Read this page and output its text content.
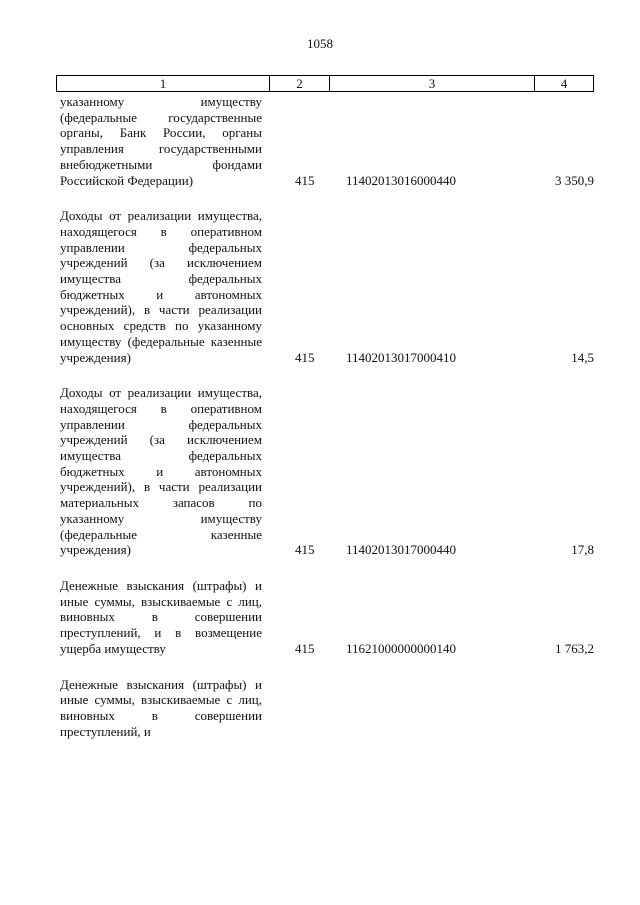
1058
1	2	3	4
указанному имуществу (федеральные государственные органы, Банк России, органы управления государственными внебюджетными фондами Российской Федерации)	415	11402013016000440	3 350,9
Доходы от реализации имущества, находящегося в оперативном управлении федеральных учреждений (за исключением имущества федеральных бюджетных и автономных учреждений), в части реализации основных средств по указанному имуществу (федеральные казенные учреждения)	415	11402013017000410	14,5
Доходы от реализации имущества, находящегося в оперативном управлении федеральных учреждений (за исключением имущества федеральных бюджетных и автономных учреждений), в части реализации материальных запасов по указанному имуществу (федеральные казенные учреждения)	415	11402013017000440	17,8
Денежные взыскания (штрафы) и иные суммы, взыскиваемые с лиц, виновных в совершении преступлений, и в возмещение ущерба имуществу	415	11621000000000140	1 763,2
Денежные взыскания (штрафы) и иные суммы, взыскиваемые с лиц, виновных в совершении преступлений, и
